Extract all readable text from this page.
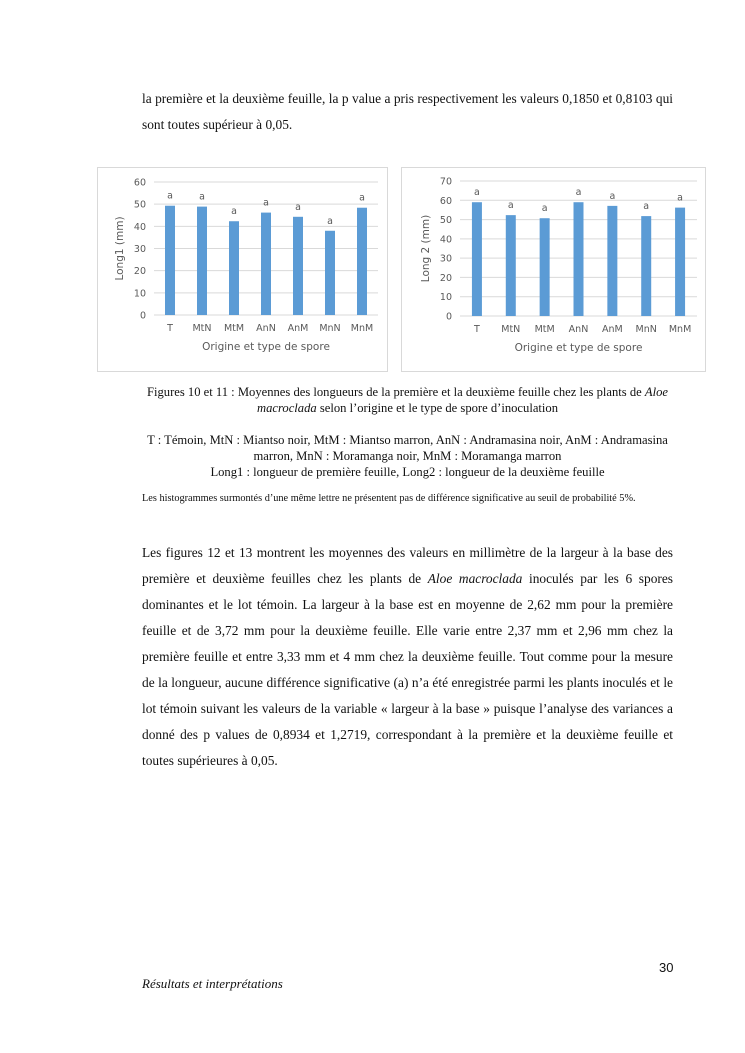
la première et la deuxième feuille, la p value a pris respectivement les valeurs 0,1850 et 0,8103 qui sont toutes supérieur à 0,05.

0
10
20
30
40
50
60
a
T
a
MtN
a
MtM
a
AnN
a
AnM
a
MnN
a
MnM
Origine et type de spore
Long1 (mm)
0
10
20
30
40
50
60
70
a
T
a
MtN
a
MtM
a
AnN
a
AnM
a
MnN
a
MnM
Origine et type de spore
Long 2 (mm)
Figures 10 et 11 : Moyennes des longueurs de la première et la deuxième feuille chez les plants de Aloe macroclada selon l’origine et le type de spore d’inoculation
T : Témoin, MtN : Miantso noir, MtM : Miantso marron, AnN : Andramasina noir, AnM : Andramasina marron, MnN : Moramanga noir, MnM : Moramanga marron
Long1 : longueur de première feuille, Long2 : longueur de la deuxième feuille
Les histogrammes surmontés d’une même lettre ne présentent pas de différence significative au seuil de probabilité 5%.

Les figures 12 et 13 montrent les moyennes des valeurs en millimètre de la largeur à la base des première et deuxième feuilles chez les plants de Aloe macroclada inoculés par les 6 spores dominantes et le lot témoin. La largeur à la base est en moyenne de 2,62 mm pour la première feuille et de 3,72 mm pour la deuxième feuille. Elle varie entre 2,37 mm et 2,96 mm chez la première feuille et entre 3,33 mm et 4 mm chez la deuxième feuille. Tout comme pour la mesure de la longueur, aucune différence significative (a) n’a été enregistrée parmi les plants inoculés et le lot témoin suivant les valeurs de la variable « largeur à la base » puisque l’analyse des variances a donné des p values de 0,8934 et 1,2719, correspondant à la première et la deuxième feuille et toutes supérieures à 0,05.

30
Résultats et interprétations
